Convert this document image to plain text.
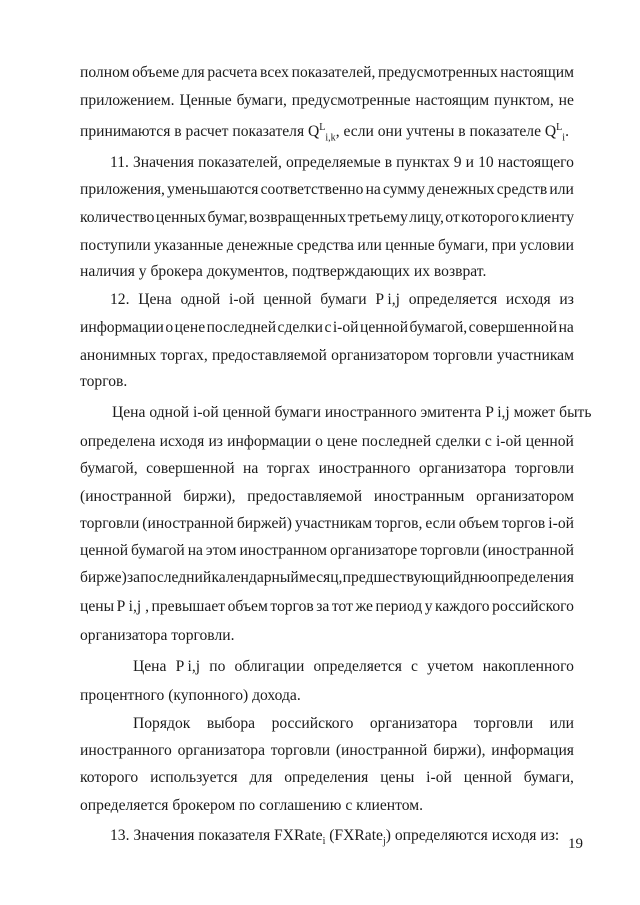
полном объеме для расчета всех показателей, предусмотренных настоящим
приложением. Ценные бумаги, предусмотренные настоящим пунктом, не
принимаются в расчет показателя $Q^L_{i,k}$, если они учтены в показателе $Q^L_i$.
11. Значения показателей, определяемые в пунктах 9 и 10 настоящего
приложения, уменьшаются соответственно на сумму денежных средств или
количество ценных бумаг, возвращенных третьему лицу, от которого клиенту
поступили указанные денежные средства или ценные бумаги, при условии
наличия у брокера документов, подтверждающих их возврат.
12. Цена одной i-ой ценной бумаги P i,j определяется исходя из
информации о цене последней сделки с i-ой ценной бумагой, совершенной на
анонимных торгах, предоставляемой организатором торговли участникам
торгов.
Цена одной i-ой ценной бумаги иностранного эмитента P i,j может быть
определена исходя из информации о цене последней сделки с i-ой ценной
бумагой, совершенной на торгах иностранного организатора торговли
(иностранной биржи), предоставляемой иностранным организатором
торговли (иностранной биржей) участникам торгов, если объем торгов i-ой
ценной бумагой на этом иностранном организаторе торговли (иностранной
бирже) за последний календарный месяц, предшествующий дню определения
цены P i,j , превышает объем торгов за тот же период у каждого российского
организатора торговли.
Цена P i,j по облигации определяется с учетом накопленного
процентного (купонного) дохода.
Порядок выбора российского организатора торговли или
иностранного организатора торговли (иностранной биржи), информация
которого используется для определения цены i-ой ценной бумаги,
определяется брокером по соглашению с клиентом.
13. Значения показателя FXRate$_i$ (FXRate$_j$) определяются исходя из: 19
